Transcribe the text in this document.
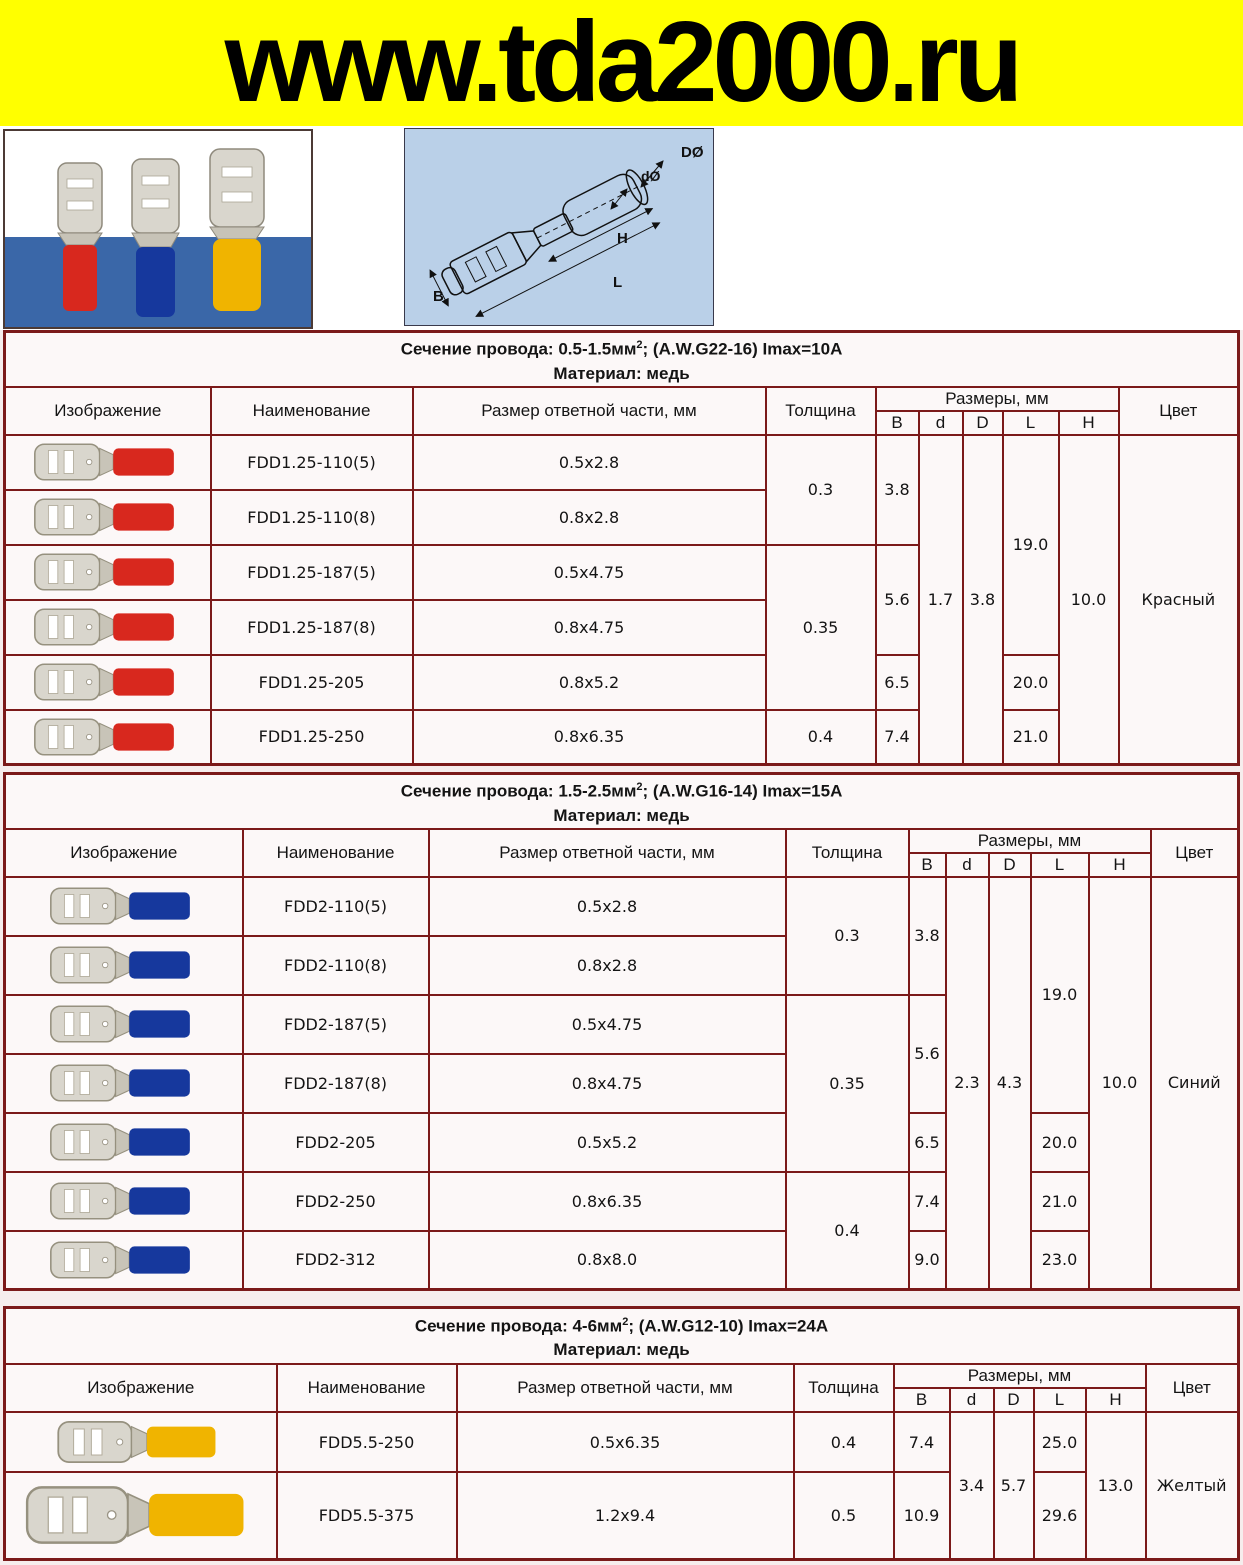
www.tda2000.ru
DØ
dØ
H
L
B
Сечение провода: $0.5-1.5мм^2$; (A.W.G22-16) Imax=10A
Материал: медь									

Изображение	Наименование	Размер ответной части, мм	Толщина	Размеры, мм					Цвет
				B	d	D	L	H	

	FDD1.25-110(5)	0.5x2.8	0.3	3.8	1.7	3.8	19.0	10.0	Красный

	FDD1.25-110(8)	0.8x2.8							

	FDD1.25-187(5)	0.5x4.75	0.35	5.6					

	FDD1.25-187(8)	0.8x4.75							

	FDD1.25-205	0.8x5.2		6.5			20.0		

	FDD1.25-250	0.8x6.35	0.4	7.4			21.0		
Сечение провода: $1.5-2.5мм^2$; (A.W.G16-14) Imax=15A
Материал: медь									

Изображение	Наименование	Размер ответной части, мм	Толщина	Размеры, мм					Цвет
				B	d	D	L	H	

	FDD2-110(5)	0.5x2.8	0.3	3.8	2.3	4.3	19.0	10.0	Синий

	FDD2-110(8)	0.8x2.8							

	FDD2-187(5)	0.5x4.75	0.35	5.6					

	FDD2-187(8)	0.8x4.75							

	FDD2-205	0.5x5.2		6.5			20.0		

	FDD2-250	0.8x6.35	0.4	7.4			21.0		

	FDD2-312	0.8x8.0		9.0			23.0		
Сечение провода: $4-6мм^2$; (A.W.G12-10) Imax=24A
Материал: медь									

Изображение	Наименование	Размер ответной части, мм	Толщина	Размеры, мм					Цвет
				B	d	D	L	H	

	FDD5.5-250	0.5x6.35	0.4	7.4	3.4	5.7	25.0	13.0	Желтый

	FDD5.5-375	1.2x9.4	0.5	10.9			29.6		
